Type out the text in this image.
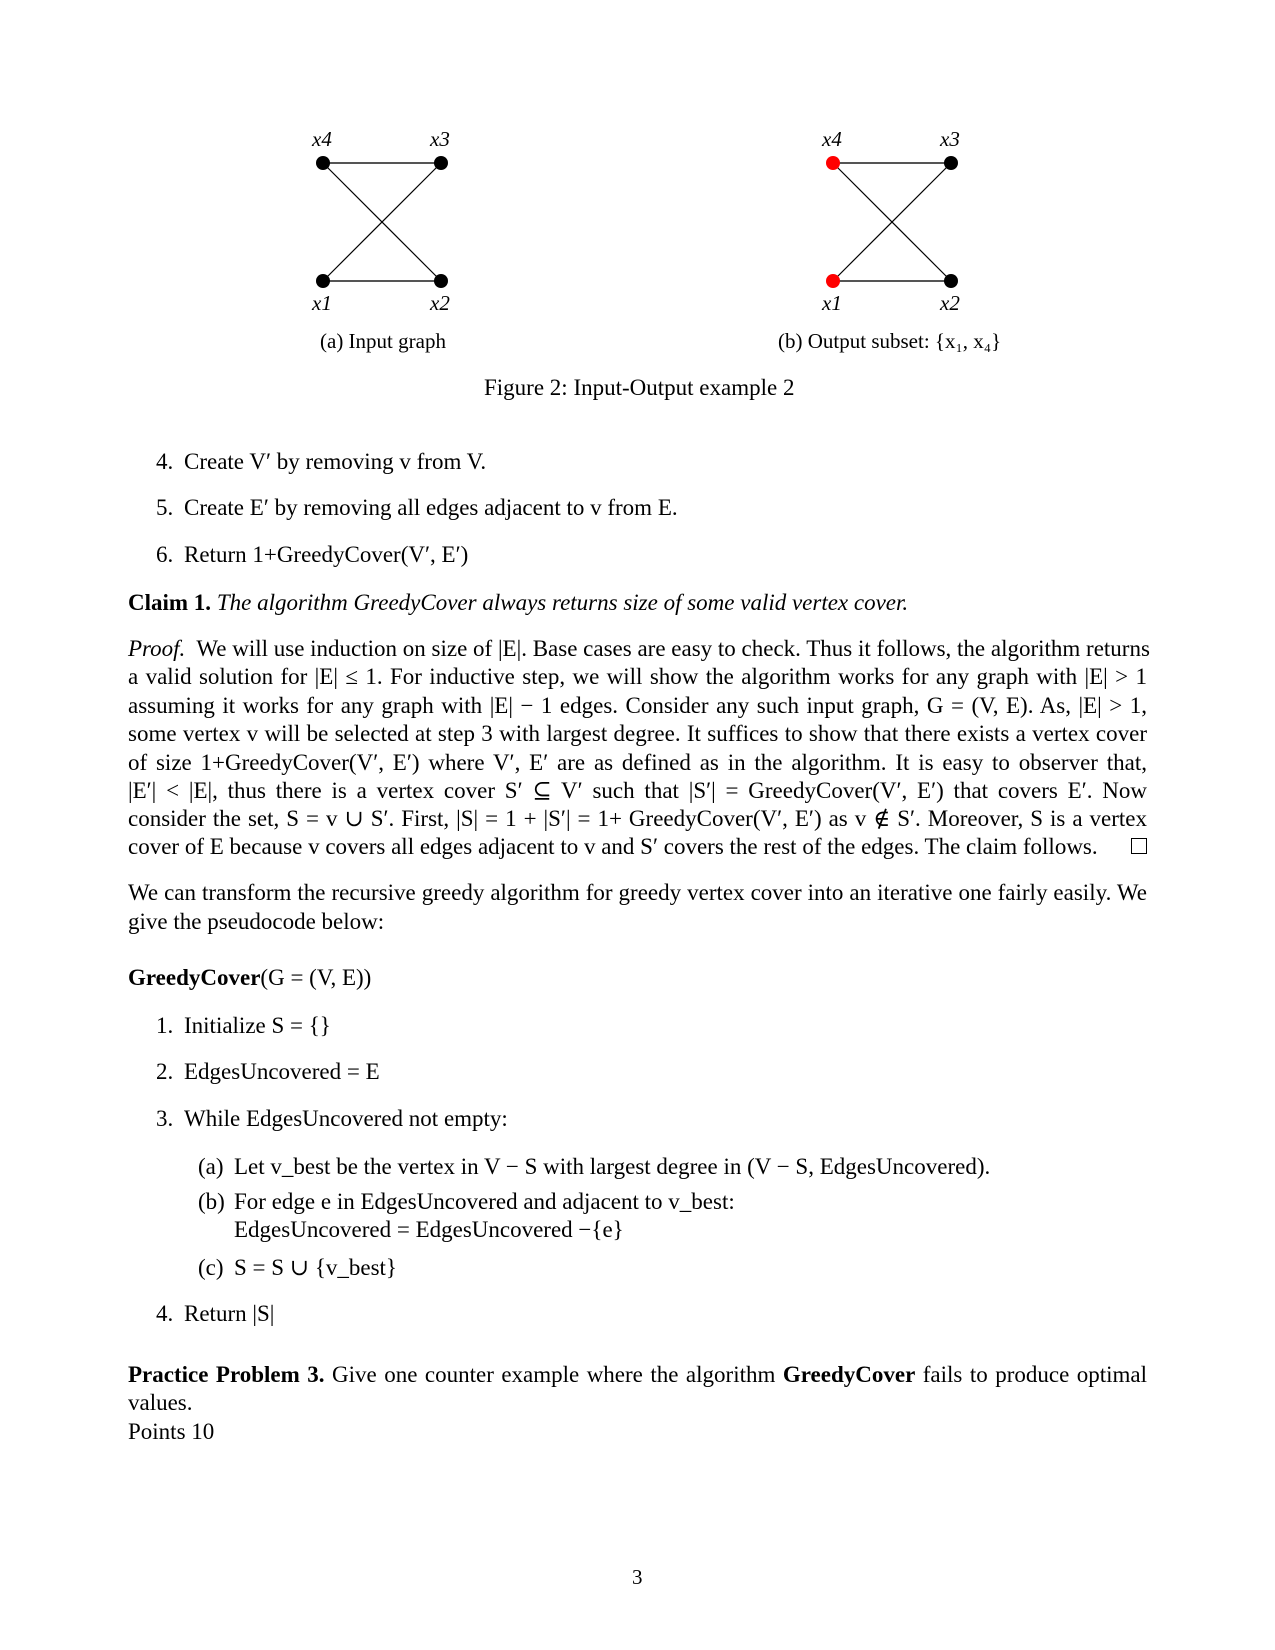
x4	x3
x1	x2
x4	x3
x1	x2
(a) Input graph	(b) Output subset: {x₁, x₄}
Figure 2: Input-Output example 2
4. Create V′ by removing v from V.
5. Create E′ by removing all edges adjacent to v from E.
6. Return 1+GreedyCover(V′, E′)
Claim 1. The algorithm GreedyCover always returns size of some valid vertex cover.
Proof. We will use induction on size of |E|. Base cases are easy to check. Thus it follows, the algorithm returns
a valid solution for |E| ≤ 1. For inductive step, we will show the algorithm works for any graph with |E| > 1
assuming it works for any graph with |E| − 1 edges. Consider any such input graph, G = (V, E). As, |E| > 1,
some vertex v will be selected at step 3 with largest degree. It suffices to show that there exists a vertex cover
of size 1+GreedyCover(V′, E′) where V′, E′ are as defined as in the algorithm. It is easy to observer that,
|E′| < |E|, thus there is a vertex cover S′ ⊆ V′ such that |S′| = GreedyCover(V′, E′) that covers E′. Now
consider the set, S = v ∪ S′. First, |S| = 1 + |S′| = 1+ GreedyCover(V′, E′) as v ∉ S′. Moreover, S is a vertex
cover of E because v covers all edges adjacent to v and S′ covers the rest of the edges. The claim follows.
We can transform the recursive greedy algorithm for greedy vertex cover into an iterative one fairly easily. We
give the pseudocode below:
GreedyCover(G = (V, E))
1. Initialize S = {}
2. EdgesUncovered = E
3. While EdgesUncovered not empty:
(a) Let v_best be the vertex in V − S with largest degree in (V − S, EdgesUncovered).
(b) For edge e in EdgesUncovered and adjacent to v_best:
EdgesUncovered = EdgesUncovered −{e}
(c) S = S ∪ {v_best}
4. Return |S|
Practice Problem 3. Give one counter example where the algorithm GreedyCover fails to produce optimal
values.
Points 10
3
